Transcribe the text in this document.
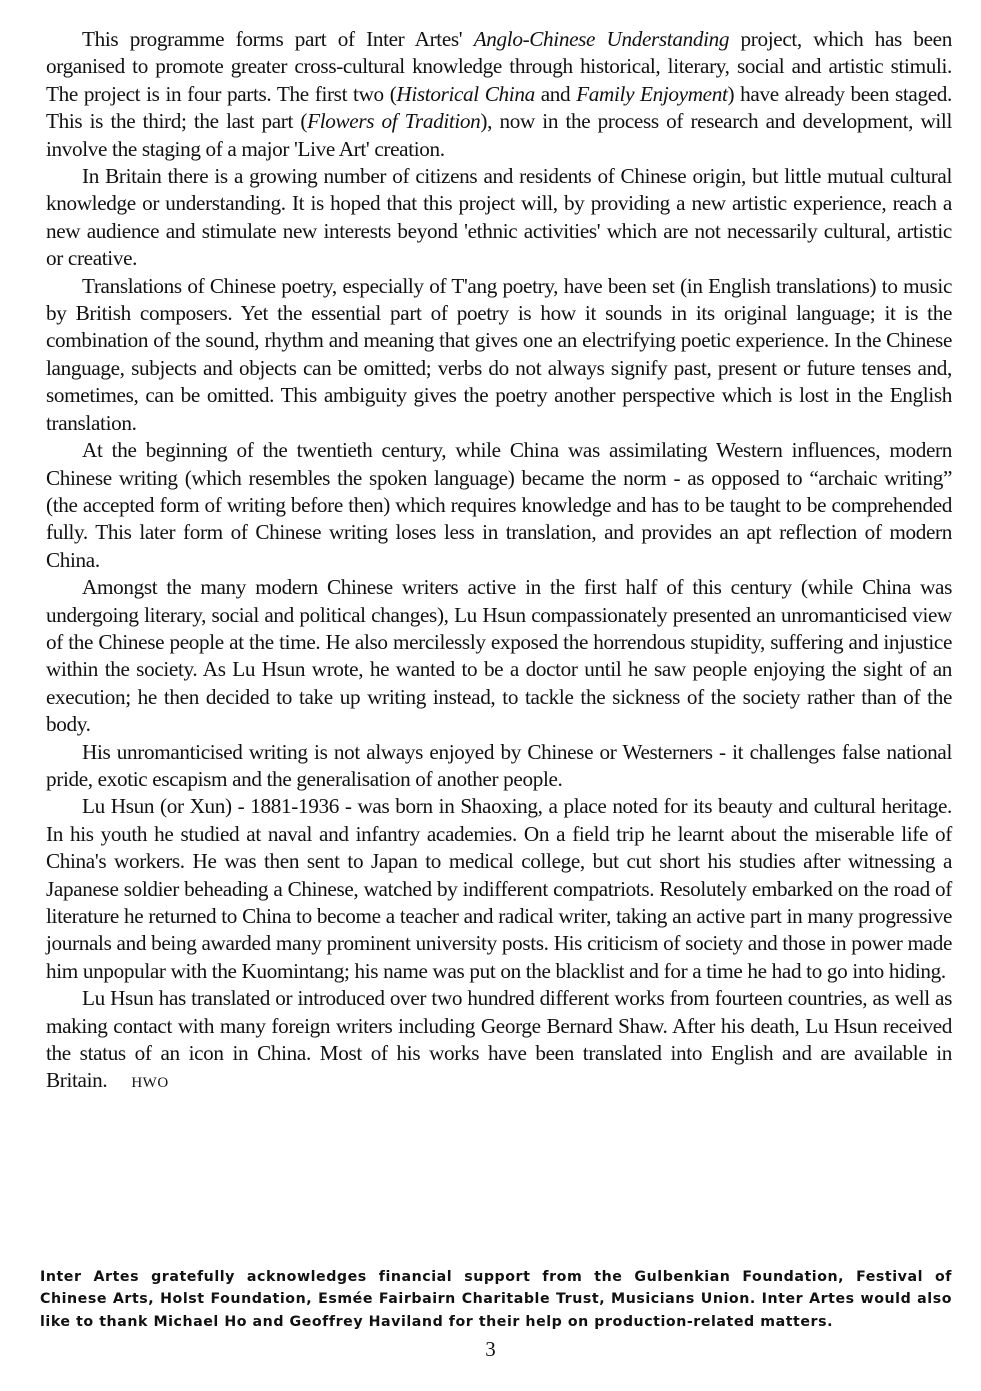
This programme forms part of Inter Artes' Anglo-Chinese Understanding project, which has been organised to promote greater cross-cultural knowledge through historical, literary, social and artistic stimuli. The project is in four parts. The first two (Historical China and Family Enjoyment) have already been staged. This is the third; the last part (Flowers of Tradition), now in the process of research and development, will involve the staging of a major 'Live Art' creation.

In Britain there is a growing number of citizens and residents of Chinese origin, but little mutual cultural knowledge or understanding. It is hoped that this project will, by providing a new artistic experience, reach a new audience and stimulate new interests beyond 'ethnic activities' which are not necessarily cultural, artistic or creative.

Translations of Chinese poetry, especially of T'ang poetry, have been set (in English translations) to music by British composers. Yet the essential part of poetry is how it sounds in its original language; it is the combination of the sound, rhythm and meaning that gives one an electrifying poetic experience. In the Chinese language, subjects and objects can be omitted; verbs do not always signify past, present or future tenses and, sometimes, can be omitted. This ambiguity gives the poetry another perspective which is lost in the English translation.

At the beginning of the twentieth century, while China was assimilating Western influences, modern Chinese writing (which resembles the spoken language) became the norm - as opposed to “archaic writing” (the accepted form of writing before then) which requires knowledge and has to be taught to be comprehended fully. This later form of Chinese writing loses less in translation, and provides an apt reflection of modern China.

Amongst the many modern Chinese writers active in the first half of this century (while China was undergoing literary, social and political changes), Lu Hsun compassionately presented an unromanticised view of the Chinese people at the time. He also mercilessly exposed the horrendous stupidity, suffering and injustice within the society. As Lu Hsun wrote, he wanted to be a doctor until he saw people enjoying the sight of an execution; he then decided to take up writing instead, to tackle the sickness of the society rather than of the body.

His unromanticised writing is not always enjoyed by Chinese or Westerners - it challenges false national pride, exotic escapism and the generalisation of another people.

Lu Hsun (or Xun) - 1881-1936 - was born in Shaoxing, a place noted for its beauty and cultural heritage. In his youth he studied at naval and infantry academies. On a field trip he learnt about the miserable life of China's workers. He was then sent to Japan to medical college, but cut short his studies after witnessing a Japanese soldier beheading a Chinese, watched by indifferent compatriots. Resolutely embarked on the road of literature he returned to China to become a teacher and radical writer, taking an active part in many progressive journals and being awarded many prominent university posts. His criticism of society and those in power made him unpopular with the Kuomintang; his name was put on the blacklist and for a time he had to go into hiding.

Lu Hsun has translated or introduced over two hundred different works from fourteen countries, as well as making contact with many foreign writers including George Bernard Shaw. After his death, Lu Hsun received the status of an icon in China. Most of his works have been translated into English and are available in Britain. HWO

Inter Artes gratefully acknowledges financial support from the Gulbenkian Foundation, Festival of Chinese Arts, Holst Foundation, Esmée Fairbairn Charitable Trust, Musicians Union. Inter Artes would also like to thank Michael Ho and Geoffrey Haviland for their help on production-related matters.

3
